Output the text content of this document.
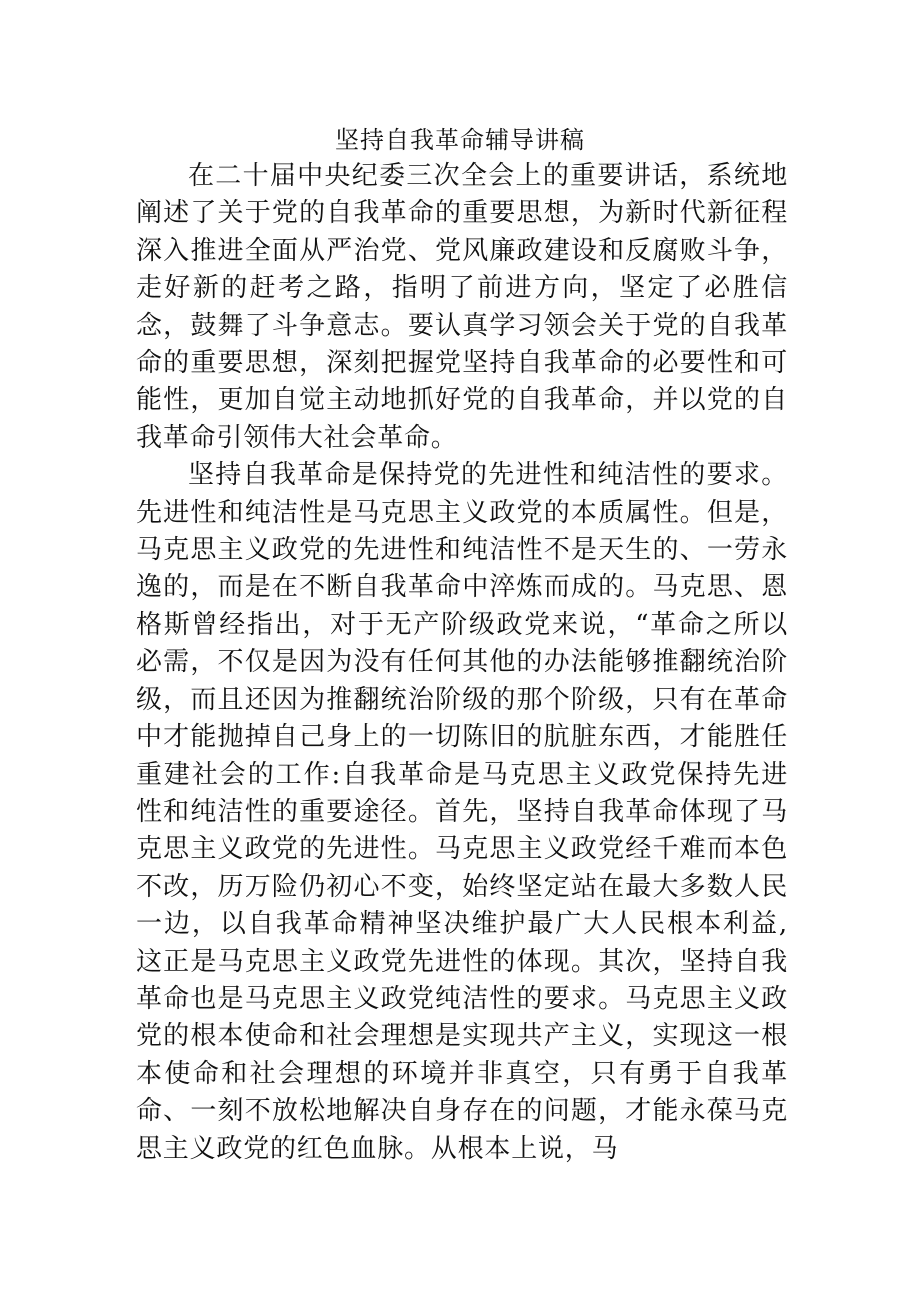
坚持自我革命辅导讲稿

在二十届中央纪委三次全会上的重要讲话，系统地阐述了关于党的自我革命的重要思想，为新时代新征程深入推进全面从严治党、党风廉政建设和反腐败斗争，走好新的赶考之路，指明了前进方向，坚定了必胜信念，鼓舞了斗争意志。要认真学习领会关于党的自我革命的重要思想，深刻把握党坚持自我革命的必要性和可能性，更加自觉主动地抓好党的自我革命，并以党的自我革命引领伟大社会革命。

坚持自我革命是保持党的先进性和纯洁性的要求。先进性和纯洁性是马克思主义政党的本质属性。但是，马克思主义政党的先进性和纯洁性不是天生的、一劳永逸的，而是在不断自我革命中淬炼而成的。马克思、恩格斯曾经指出，对于无产阶级政党来说，“革命之所以必需，不仅是因为没有任何其他的办法能够推翻统治阶级，而且还因为推翻统治阶级的那个阶级，只有在革命中才能抛掉自己身上的一切陈旧的肮脏东西，才能胜任重建社会的工作:自我革命是马克思主义政党保持先进性和纯洁性的重要途径。首先，坚持自我革命体现了马克思主义政党的先进性。马克思主义政党经千难而本色不改，历万险仍初心不变，始终坚定站在最大多数人民一边，以自我革命精神坚决维护最广大人民根本利益,这正是马克思主义政党先进性的体现。其次，坚持自我革命也是马克思主义政党纯洁性的要求。马克思主义政党的根本使命和社会理想是实现共产主义，实现这一根本使命和社会理想的环境并非真空，只有勇于自我革命、一刻不放松地解决自身存在的问题，才能永葆马克思主义政党的红色血脉。从根本上说，马
